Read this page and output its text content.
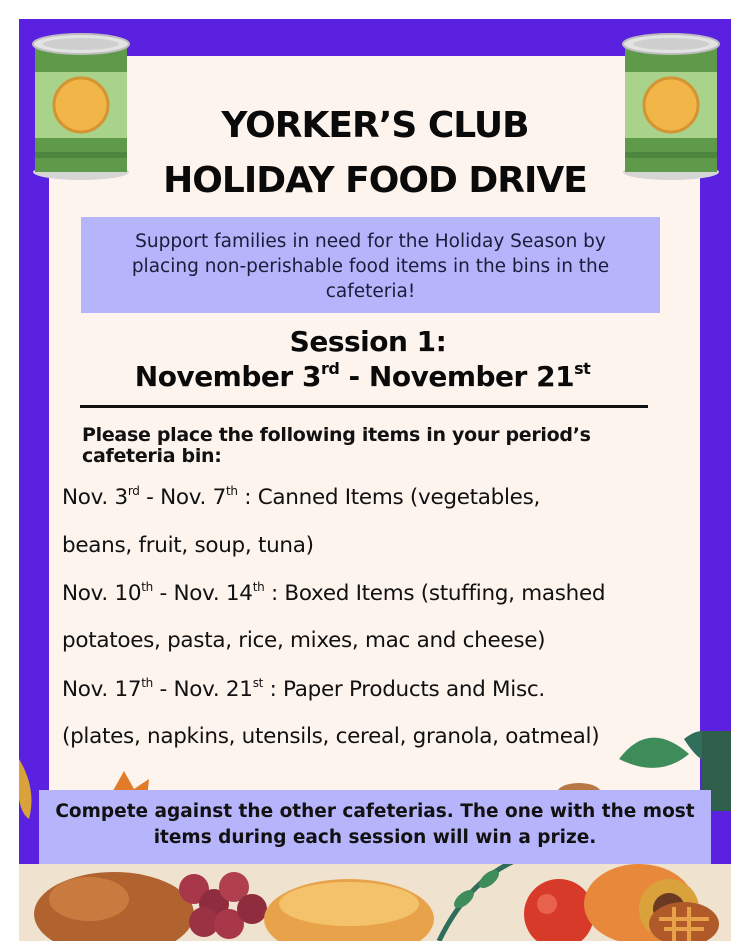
YORKER’S CLUB
HOLIDAY FOOD DRIVE
Support families in need for the Holiday Season by placing non-perishable food items in the bins in the cafeteria!
Session 1:
November 3rd - November 21st
Please place the following items in your period’s cafeteria bin:
Nov. 3rd - Nov. 7th : Canned Items (vegetables,
beans, fruit, soup, tuna)
Nov. 10th - Nov. 14th : Boxed Items (stuffing, mashed
potatoes, pasta, rice, mixes, mac and cheese)
Nov. 17th - Nov. 21st : Paper Products and Misc.
(plates, napkins, utensils, cereal, granola, oatmeal)
Compete against the other cafeterias. The one with the most items during each session will win a prize.
